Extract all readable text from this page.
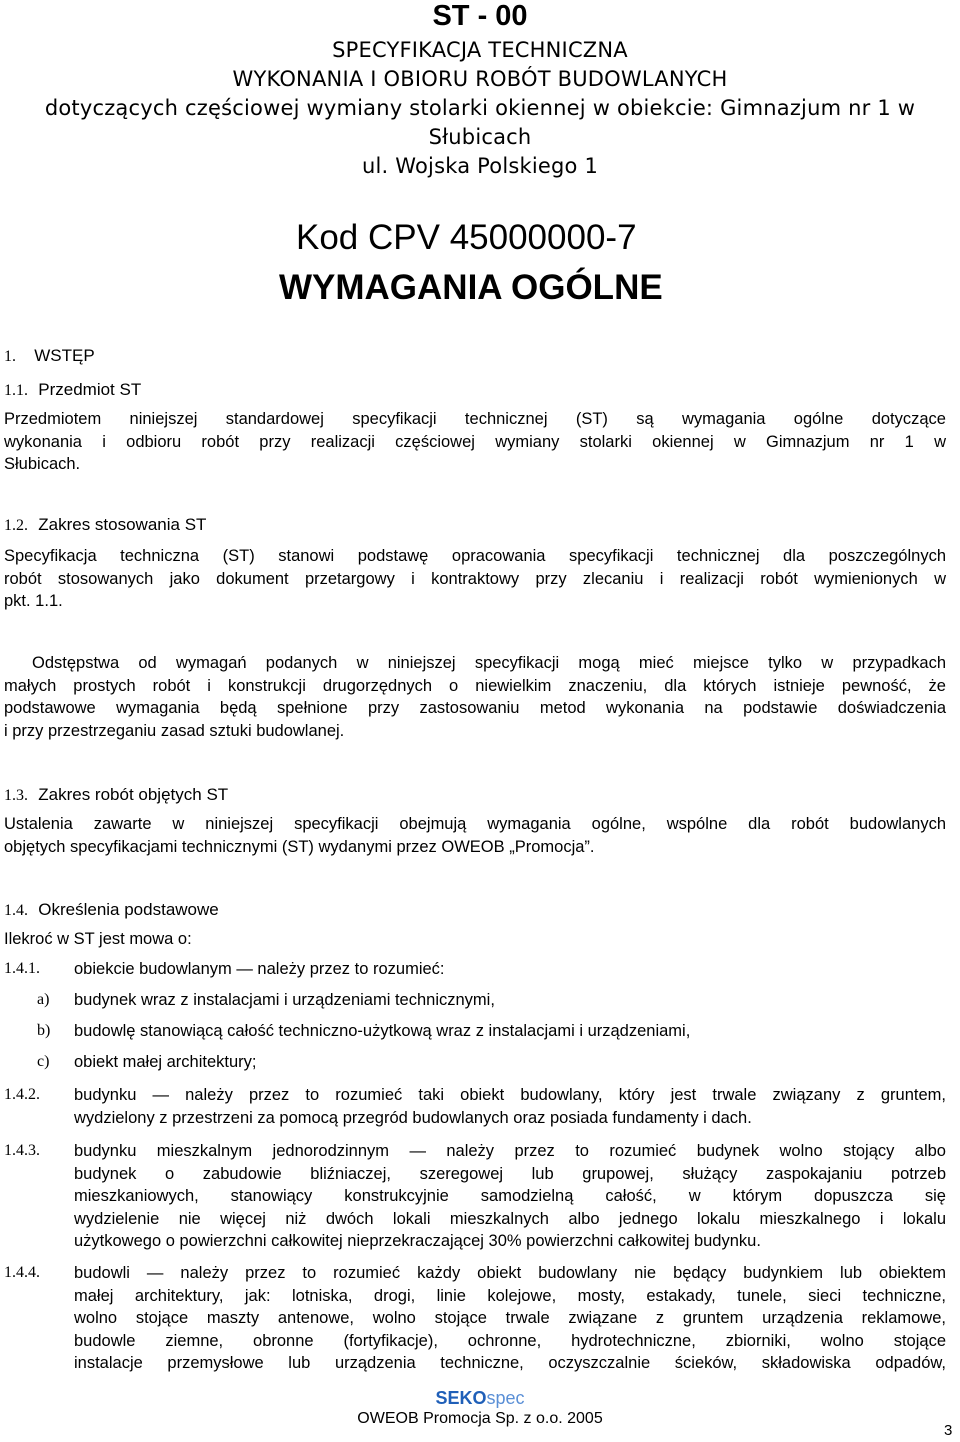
ST - 00
SPECYFIKACJA TECHNICZNA
WYKONANIA I OBIORU ROBÓT BUDOWLANYCH
dotyczących częściowej wymiany stolarki okiennej w obiekcie: Gimnazjum nr 1 w
Słubicach
ul. Wojska Polskiego 1
Kod CPV 45000000-7
WYMAGANIA OGÓLNE
1. WSTĘP
1.1. Przedmiot ST
Przedmiotem niniejszej standardowej specyfikacji technicznej (ST) są wymagania ogólne dotyczące
wykonania i odbioru robót przy realizacji częściowej wymiany stolarki okiennej w Gimnazjum nr 1 w
Słubicach.
1.2. Zakres stosowania ST
Specyfikacja techniczna (ST) stanowi podstawę opracowania specyfikacji technicznej dla poszczególnych
robót stosowanych jako dokument przetargowy i kontraktowy przy zlecaniu i realizacji robót wymienionych w
pkt. 1.1.
Odstępstwa od wymagań podanych w niniejszej specyfikacji mogą mieć miejsce tylko w przypadkach
małych prostych robót i konstrukcji drugorzędnych o niewielkim znaczeniu, dla których istnieje pewność, że
podstawowe wymagania będą spełnione przy zastosowaniu metod wykonania na podstawie doświadczenia
i przy przestrzeganiu zasad sztuki budowlanej.
1.3. Zakres robót objętych ST
Ustalenia zawarte w niniejszej specyfikacji obejmują wymagania ogólne, wspólne dla robót budowlanych
objętych specyfikacjami technicznymi (ST) wydanymi przez OWEOB „Promocja”.
1.4. Określenia podstawowe
Ilekroć w ST jest mowa o:
1.4.1. obiekcie budowlanym — należy przez to rozumieć:
a) budynek wraz z instalacjami i urządzeniami technicznymi,
b) budowlę stanowiącą całość techniczno-użytkową wraz z instalacjami i urządzeniami,
c) obiekt małej architektury;
1.4.2. budynku — należy przez to rozumieć taki obiekt budowlany, który jest trwale związany z gruntem,
wydzielony z przestrzeni za pomocą przegród budowlanych oraz posiada fundamenty i dach.
1.4.3. budynku mieszkalnym jednorodzinnym — należy przez to rozumieć budynek wolno stojący albo
budynek o zabudowie bliźniaczej, szeregowej lub grupowej, służący zaspokajaniu potrzeb
mieszkaniowych, stanowiący konstrukcyjnie samodzielną całość, w którym dopuszcza się
wydzielenie nie więcej niż dwóch lokali mieszkalnych albo jednego lokalu mieszkalnego i lokalu
użytkowego o powierzchni całkowitej nieprzekraczającej 30% powierzchni całkowitej budynku.
1.4.4. budowli — należy przez to rozumieć każdy obiekt budowlany nie będący budynkiem lub obiektem
małej architektury, jak: lotniska, drogi, linie kolejowe, mosty, estakady, tunele, sieci techniczne,
wolno stojące maszty antenowe, wolno stojące trwale związane z gruntem urządzenia reklamowe,
budowle ziemne, obronne (fortyfikacje), ochronne, hydrotechniczne, zbiorniki, wolno stojące
instalacje przemysłowe lub urządzenia techniczne, oczyszczalnie ścieków, składowiska odpadów,
SEKOspec
OWEOB Promocja Sp. z o.o. 2005
3
